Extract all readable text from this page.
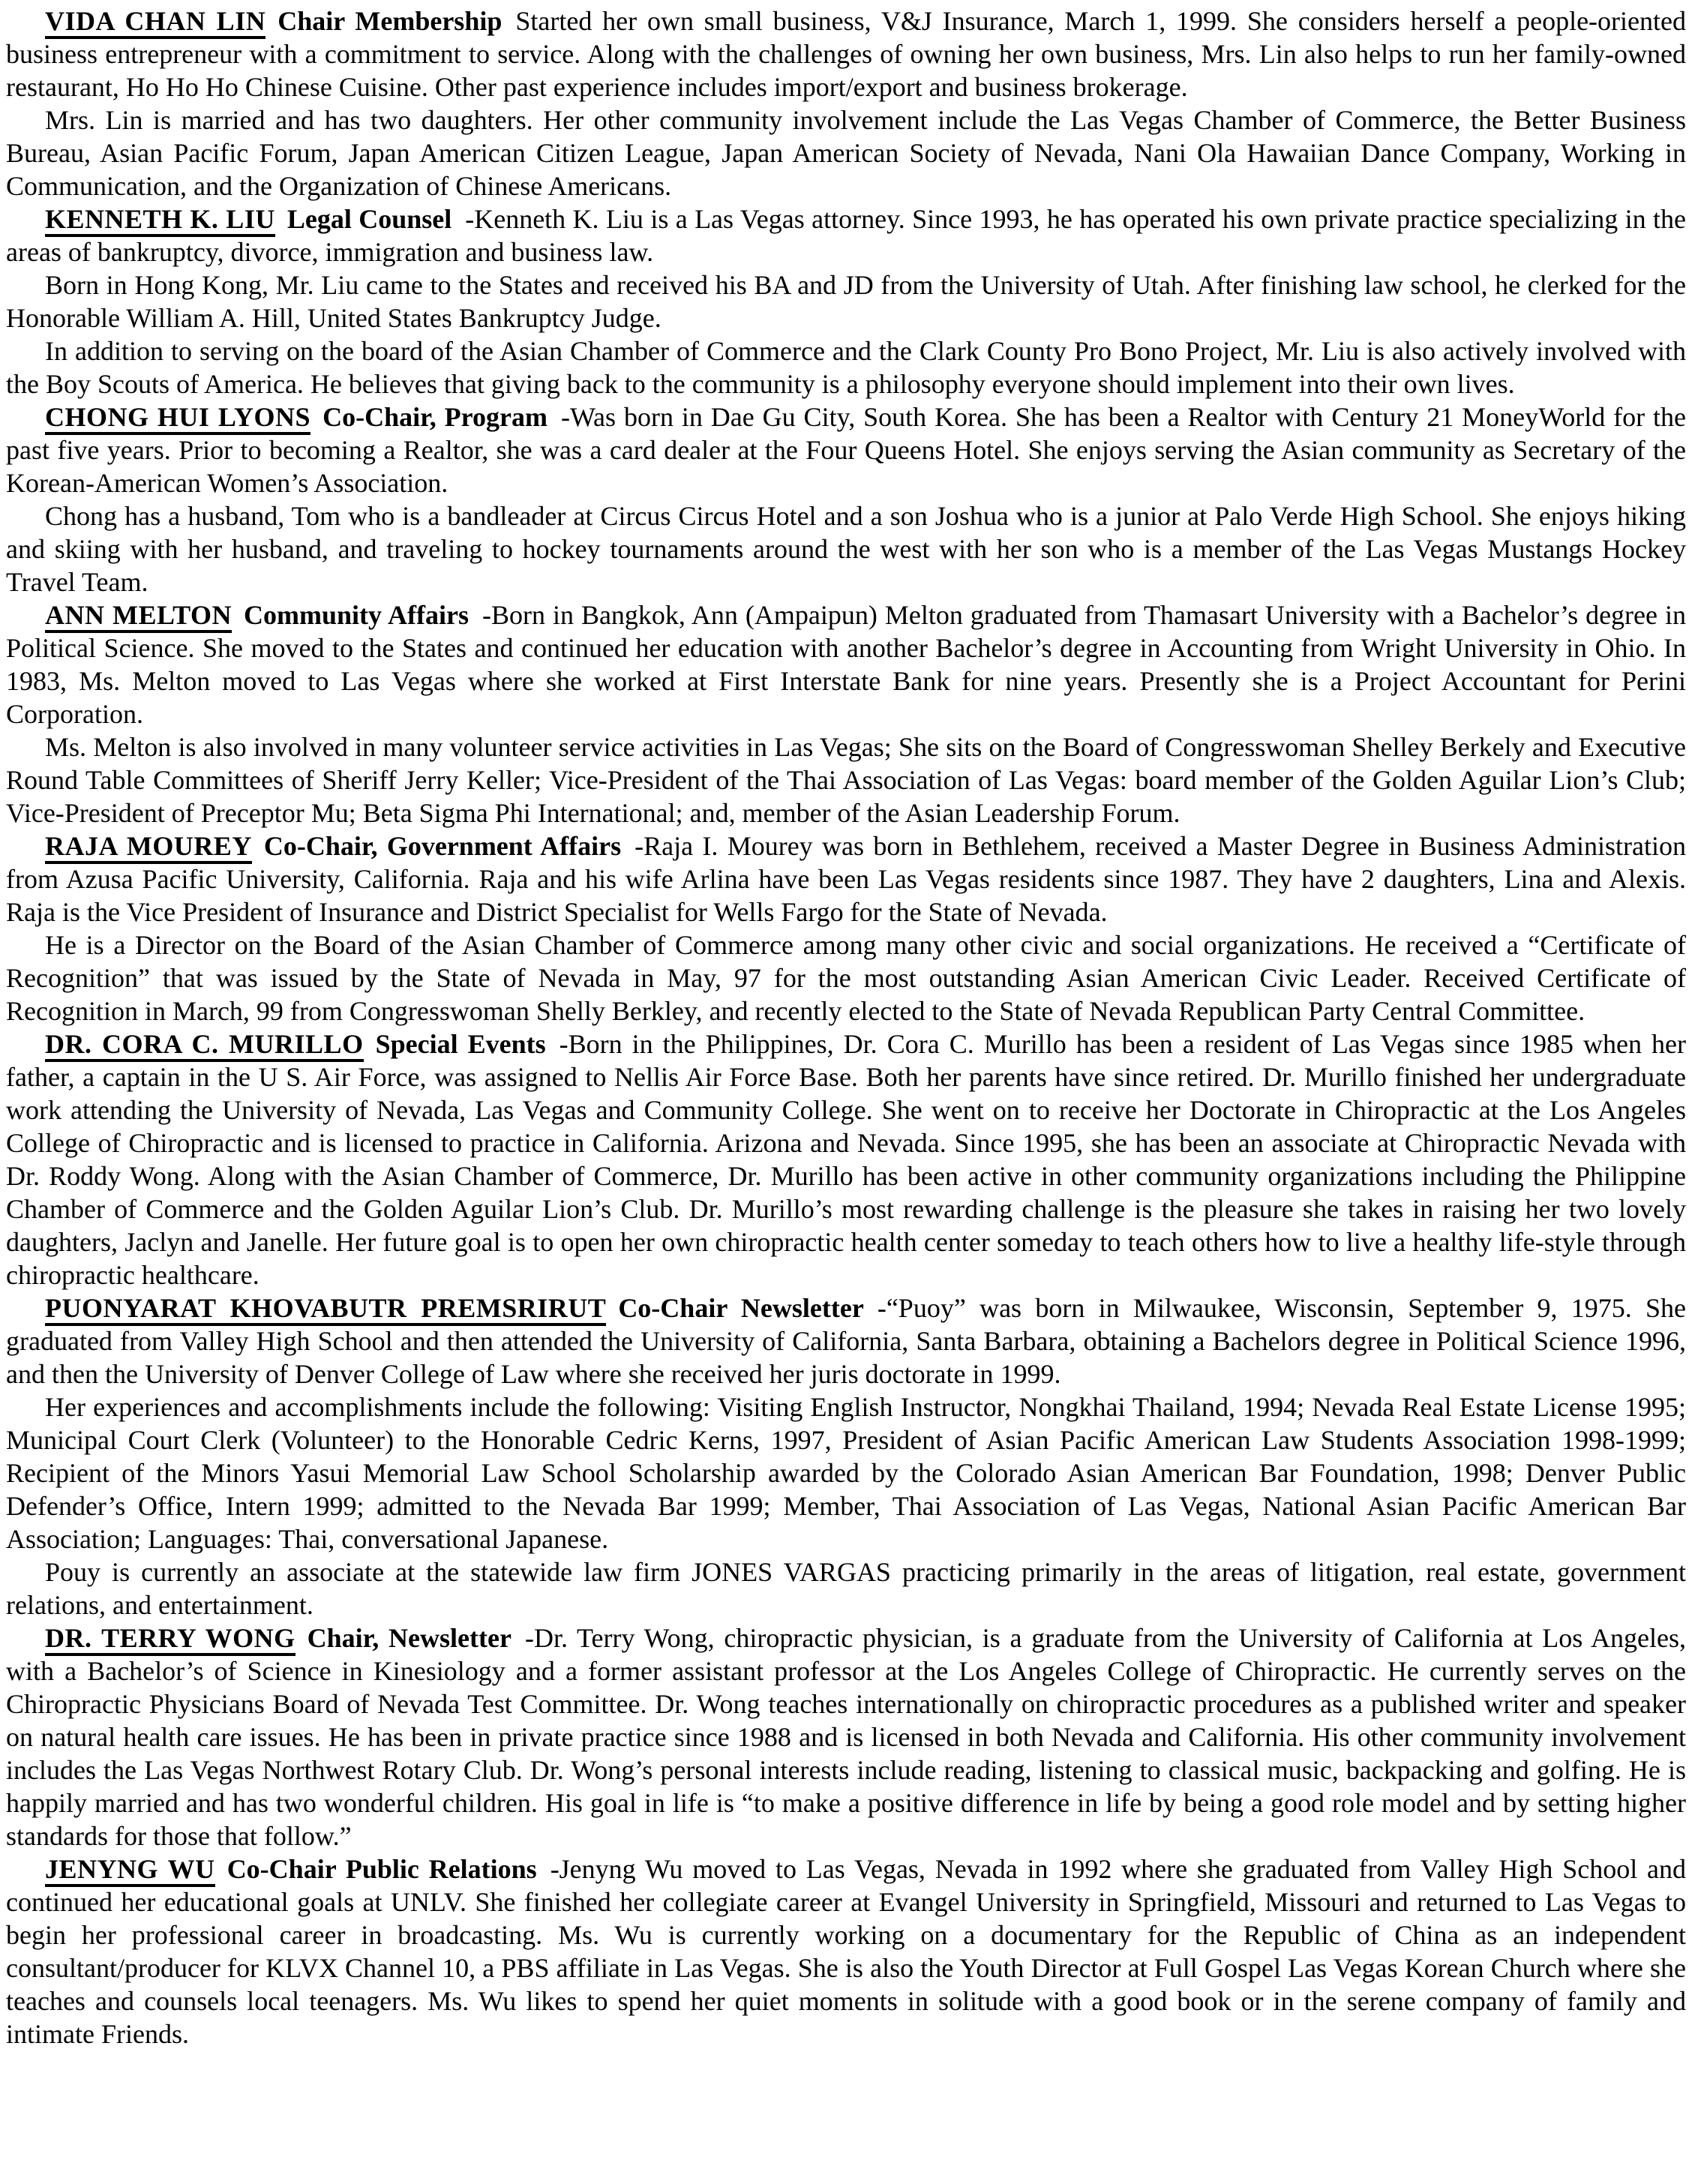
VIDA CHAN LIN Chair Membership Started her own small business, V&J Insurance, March 1, 1999. She considers herself a people-oriented business entrepreneur with a commitment to service. Along with the challenges of owning her own business, Mrs. Lin also helps to run her family-owned restaurant, Ho Ho Ho Chinese Cuisine. Other past experience includes import/export and business brokerage.

Mrs. Lin is married and has two daughters. Her other community involvement include the Las Vegas Chamber of Commerce, the Better Business Bureau, Asian Pacific Forum, Japan American Citizen League, Japan American Society of Nevada, Nani Ola Hawaiian Dance Company, Working in Communication, and the Organization of Chinese Americans.

KENNETH K. LIU Legal Counsel -Kenneth K. Liu is a Las Vegas attorney. Since 1993, he has operated his own private practice specializing in the areas of bankruptcy, divorce, immigration and business law.

Born in Hong Kong, Mr. Liu came to the States and received his BA and JD from the University of Utah. After finishing law school, he clerked for the Honorable William A. Hill, United States Bankruptcy Judge.

In addition to serving on the board of the Asian Chamber of Commerce and the Clark County Pro Bono Project, Mr. Liu is also actively involved with the Boy Scouts of America. He believes that giving back to the community is a philosophy everyone should implement into their own lives.

CHONG HUI LYONS Co-Chair, Program -Was born in Dae Gu City, South Korea. She has been a Realtor with Century 21 MoneyWorld for the past five years. Prior to becoming a Realtor, she was a card dealer at the Four Queens Hotel. She enjoys serving the Asian community as Secretary of the Korean-American Women’s Association.

Chong has a husband, Tom who is a bandleader at Circus Circus Hotel and a son Joshua who is a junior at Palo Verde High School. She enjoys hiking and skiing with her husband, and traveling to hockey tournaments around the west with her son who is a member of the Las Vegas Mustangs Hockey Travel Team.

ANN MELTON Community Affairs -Born in Bangkok, Ann (Ampaipun) Melton graduated from Thamasart University with a Bachelor’s degree in Political Science. She moved to the States and continued her education with another Bachelor’s degree in Accounting from Wright University in Ohio. In 1983, Ms. Melton moved to Las Vegas where she worked at First Interstate Bank for nine years. Presently she is a Project Accountant for Perini Corporation.

Ms. Melton is also involved in many volunteer service activities in Las Vegas; She sits on the Board of Congresswoman Shelley Berkely and Executive Round Table Committees of Sheriff Jerry Keller; Vice-President of the Thai Association of Las Vegas: board member of the Golden Aguilar Lion’s Club; Vice-President of Preceptor Mu; Beta Sigma Phi International; and, member of the Asian Leadership Forum.

RAJA MOUREY Co-Chair, Government Affairs -Raja I. Mourey was born in Bethlehem, received a Master Degree in Business Administration from Azusa Pacific University, California. Raja and his wife Arlina have been Las Vegas residents since 1987. They have 2 daughters, Lina and Alexis. Raja is the Vice President of Insurance and District Specialist for Wells Fargo for the State of Nevada.

He is a Director on the Board of the Asian Chamber of Commerce among many other civic and social organizations. He received a “Certificate of Recognition” that was issued by the State of Nevada in May, 97 for the most outstanding Asian American Civic Leader. Received Certificate of Recognition in March, 99 from Congresswoman Shelly Berkley, and recently elected to the State of Nevada Republican Party Central Committee.

DR. CORA C. MURILLO Special Events -Born in the Philippines, Dr. Cora C. Murillo has been a resident of Las Vegas since 1985 when her father, a captain in the U S. Air Force, was assigned to Nellis Air Force Base. Both her parents have since retired. Dr. Murillo finished her undergraduate work attending the University of Nevada, Las Vegas and Community College. She went on to receive her Doctorate in Chiropractic at the Los Angeles College of Chiropractic and is licensed to practice in California. Arizona and Nevada. Since 1995, she has been an associate at Chiropractic Nevada with Dr. Roddy Wong. Along with the Asian Chamber of Commerce, Dr. Murillo has been active in other community organizations including the Philippine Chamber of Commerce and the Golden Aguilar Lion’s Club. Dr. Murillo’s most rewarding challenge is the pleasure she takes in raising her two lovely daughters, Jaclyn and Janelle. Her future goal is to open her own chiropractic health center someday to teach others how to live a healthy life-style through chiropractic healthcare.

PUONYARAT KHOVABUTR PREMSRIRUT Co-Chair Newsletter -“Puoy” was born in Milwaukee, Wisconsin, September 9, 1975. She graduated from Valley High School and then attended the University of California, Santa Barbara, obtaining a Bachelors degree in Political Science 1996, and then the University of Denver College of Law where she received her juris doctorate in 1999.

Her experiences and accomplishments include the following: Visiting English Instructor, Nongkhai Thailand, 1994; Nevada Real Estate License 1995; Municipal Court Clerk (Volunteer) to the Honorable Cedric Kerns, 1997, President of Asian Pacific American Law Students Association 1998-1999; Recipient of the Minors Yasui Memorial Law School Scholarship awarded by the Colorado Asian American Bar Foundation, 1998; Denver Public Defender’s Office, Intern 1999; admitted to the Nevada Bar 1999; Member, Thai Association of Las Vegas, National Asian Pacific American Bar Association; Languages: Thai, conversational Japanese.

Pouy is currently an associate at the statewide law firm JONES VARGAS practicing primarily in the areas of litigation, real estate, government relations, and entertainment.

DR. TERRY WONG Chair, Newsletter -Dr. Terry Wong, chiropractic physician, is a graduate from the University of California at Los Angeles, with a Bachelor’s of Science in Kinesiology and a former assistant professor at the Los Angeles College of Chiropractic. He currently serves on the Chiropractic Physicians Board of Nevada Test Committee. Dr. Wong teaches internationally on chiropractic procedures as a published writer and speaker on natural health care issues. He has been in private practice since 1988 and is licensed in both Nevada and California. His other community involvement includes the Las Vegas Northwest Rotary Club. Dr. Wong’s personal interests include reading, listening to classical music, backpacking and golfing. He is happily married and has two wonderful children. His goal in life is “to make a positive difference in life by being a good role model and by setting higher standards for those that follow.”

JENYNG WU Co-Chair Public Relations -Jenyng Wu moved to Las Vegas, Nevada in 1992 where she graduated from Valley High School and continued her educational goals at UNLV. She finished her collegiate career at Evangel University in Springfield, Missouri and returned to Las Vegas to begin her professional career in broadcasting. Ms. Wu is currently working on a documentary for the Republic of China as an independent consultant/producer for KLVX Channel 10, a PBS affiliate in Las Vegas. She is also the Youth Director at Full Gospel Las Vegas Korean Church where she teaches and counsels local teenagers. Ms. Wu likes to spend her quiet moments in solitude with a good book or in the serene company of family and intimate Friends.
